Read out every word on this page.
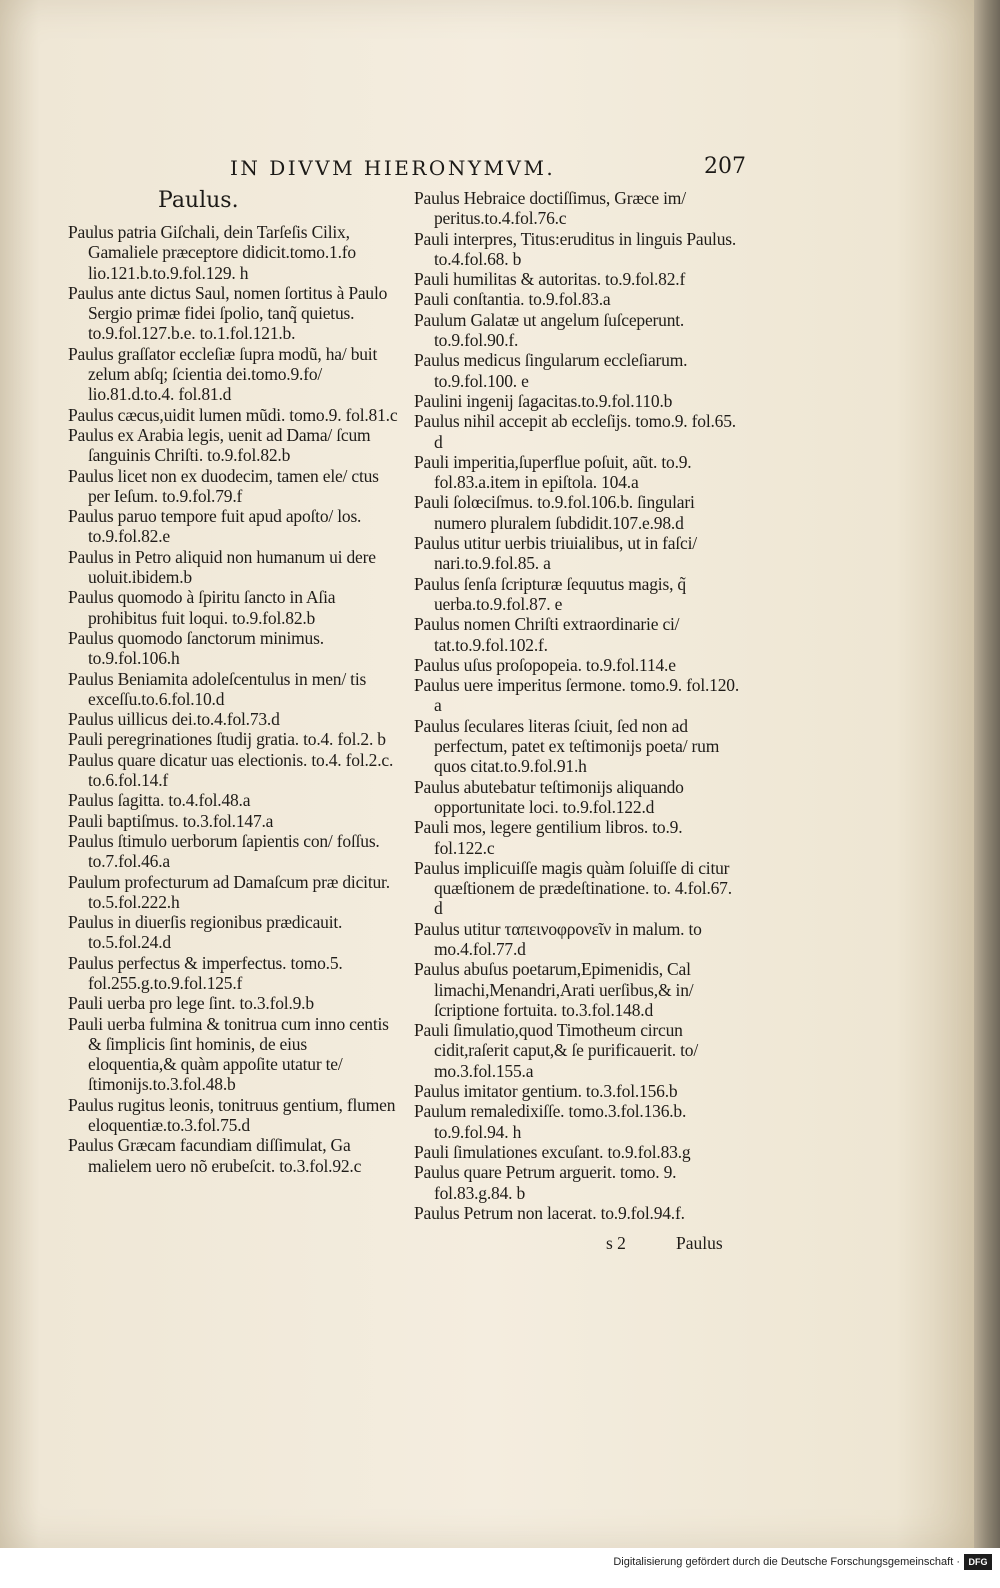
IN DIVVM HIERONYMVM.	207
Paulus.

Paulus patria Giſchali, dein Tarſeſis Cilix, Gamaliele præceptore didicit.tomo.1.fo lio.121.b.to.9.fol.129. h

Paulus ante dictus Saul, nomen ſortitus à Paulo Sergio primæ fidei ſpolio, tanq̃ quietus. to.9.fol.127.b.e. to.1.fol.121.b.

Paulus graſſator eccleſiæ ſupra modũ, ha/ buit zelum abſq; ſcientia dei.tomo.9.fo/ lio.81.d.to.4. fol.81.d

Paulus cæcus,uidit lumen mũdi. tomo.9. fol.81.c

Paulus ex Arabia legis, uenit ad Dama/ ſcum ſanguinis Chriſti. to.9.fol.82.b

Paulus licet non ex duodecim, tamen ele/ ctus per Ieſum. to.9.fol.79.f

Paulus paruo tempore fuit apud apoſto/ los. to.9.fol.82.e

Paulus in Petro aliquid non humanum ui dere uoluit.ibidem.b

Paulus quomodo à ſpiritu ſancto in Aſia prohibitus fuit loqui. to.9.fol.82.b

Paulus quomodo ſanctorum minimus. to.9.fol.106.h

Paulus Beniamita adoleſcentulus in men/ tis exceſſu.to.6.fol.10.d

Paulus uillicus dei.to.4.fol.73.d

Pauli peregrinationes ſtudij gratia. to.4. fol.2. b

Paulus quare dicatur uas electionis. to.4. fol.2.c. to.6.fol.14.f

Paulus ſagitta. to.4.fol.48.a

Pauli baptiſmus. to.3.fol.147.a

Paulus ſtimulo uerborum ſapientis con/ foſſus. to.7.fol.46.a

Paulum profecturum ad Damaſcum præ dicitur. to.5.fol.222.h

Paulus in diuerſis regionibus prædicauit. to.5.fol.24.d

Paulus perfectus & imperfectus. tomo.5. fol.255.g.to.9.fol.125.f

Pauli uerba pro lege ſint. to.3.fol.9.b

Pauli uerba fulmina & tonitrua cum inno centis & ſimplicis ſint hominis, de eius eloquentia,& quàm appoſite utatur te/ ſtimonijs.to.3.fol.48.b

Paulus rugitus leonis, tonitruus gentium, flumen eloquentiæ.to.3.fol.75.d

Paulus Græcam facundiam diſſimulat, Ga malielem uero nõ erubeſcit. to.3.fol.92.c

Paulus Hebraice doctiſſimus, Græce im/ peritus.to.4.fol.76.c

Pauli interpres, Titus:eruditus in linguis Paulus. to.4.fol.68. b

Pauli humilitas & autoritas. to.9.fol.82.f

Pauli conſtantia. to.9.fol.83.a

Paulum Galatæ ut angelum ſuſceperunt. to.9.fol.90.f.

Paulus medicus ſingularum eccleſiarum. to.9.fol.100. e

Paulini ingenij ſagacitas.to.9.fol.110.b

Paulus nihil accepit ab eccleſijs. tomo.9. fol.65. d

Pauli imperitia,ſuperflue poſuit, aũt. to.9. fol.83.a.item in epiſtola. 104.a

Pauli ſolœciſmus. to.9.fol.106.b. ſingulari numero pluralem ſubdidit.107.e.98.d

Paulus utitur uerbis triuialibus, ut in faſci/ nari.to.9.fol.85. a

Paulus ſenſa ſcripturæ ſequutus magis, q̃ uerba.to.9.fol.87. e

Paulus nomen Chriſti extraordinarie ci/ tat.to.9.fol.102.f.

Paulus uſus proſopopeia. to.9.fol.114.e

Paulus uere imperitus ſermone. tomo.9. fol.120. a

Paulus ſeculares literas ſciuit, ſed non ad perfectum, patet ex teſtimonijs poeta/ rum quos citat.to.9.fol.91.h

Paulus abutebatur teſtimonijs aliquando opportunitate loci. to.9.fol.122.d

Pauli mos, legere gentilium libros. to.9. fol.122.c

Paulus implicuiſſe magis quàm ſoluiſſe di citur quæſtionem de prædeſtinatione. to. 4.fol.67. d

Paulus utitur ταπεινοφρονεῖν in malum. to mo.4.fol.77.d

Paulus abuſus poetarum,Epimenidis, Cal limachi,Menandri,Arati uerſibus,& in/ ſcriptione fortuita. to.3.fol.148.d

Pauli ſimulatio,quod Timotheum circun cidit,raſerit caput,& ſe purificauerit. to/ mo.3.fol.155.a

Paulus imitator gentium. to.3.fol.156.b

Paulum remaledixiſſe. tomo.3.fol.136.b. to.9.fol.94. h

Pauli ſimulationes excuſant. to.9.fol.83.g

Paulus quare Petrum arguerit. tomo. 9. fol.83.g.84. b

Paulus Petrum non lacerat. to.9.fol.94.f.

s 2	Paulus
Digitalisierung gefördert durch die Deutsche Forschungsgemeinschaft · DFG
